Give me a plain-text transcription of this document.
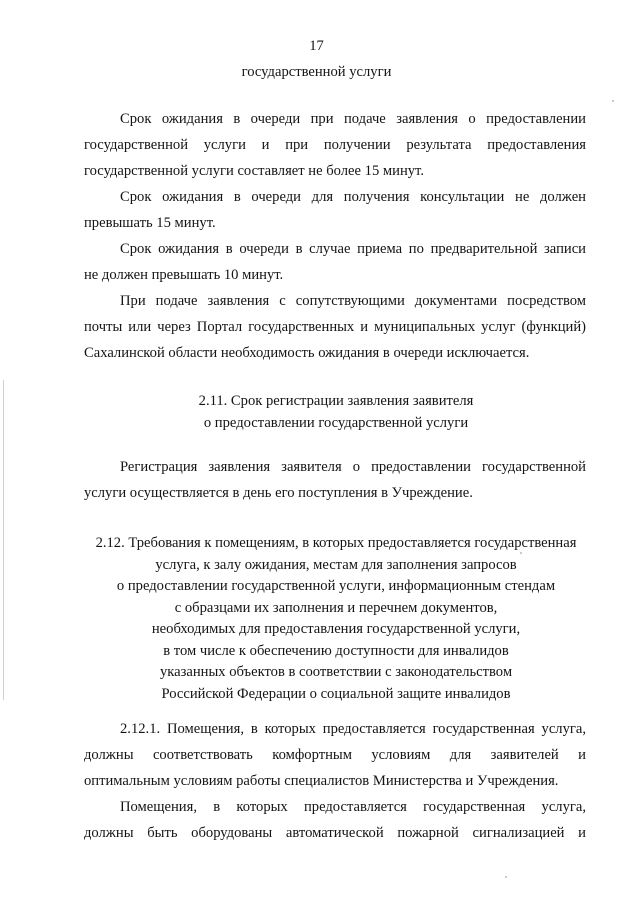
17
государственной услуги
Срок ожидания в очереди при подаче заявления о предоставлении
государственной услуги и при получении результата предоставления
государственной услуги составляет не более 15 минут.
Срок ожидания в очереди для получения консультации не должен
превышать 15 минут.
Срок ожидания в очереди в случае приема по предварительной записи
не должен превышать 10 минут.
При подаче заявления с сопутствующими документами посредством
почты или через Портал государственных и муниципальных услуг (функций)
Сахалинской области необходимость ожидания в очереди исключается.
2.11. Срок регистрации заявления заявителя
о предоставлении государственной услуги
Регистрация заявления заявителя о предоставлении государственной
услуги осуществляется в день его поступления в Учреждение.
2.12. Требования к помещениям, в которых предоставляется государственная
услуга, к залу ожидания, местам для заполнения запросов
о предоставлении государственной услуги, информационным стендам
с образцами их заполнения и перечнем документов,
необходимых для предоставления государственной услуги,
в том числе к обеспечению доступности для инвалидов
указанных объектов в соответствии с законодательством
Российской Федерации о социальной защите инвалидов
2.12.1. Помещения, в которых предоставляется государственная услуга,
должны соответствовать комфортным условиям для заявителей и
оптимальным условиям работы специалистов Министерства и Учреждения.
Помещения, в которых предоставляется государственная услуга,
должны быть оборудованы автоматической пожарной сигнализацией и
